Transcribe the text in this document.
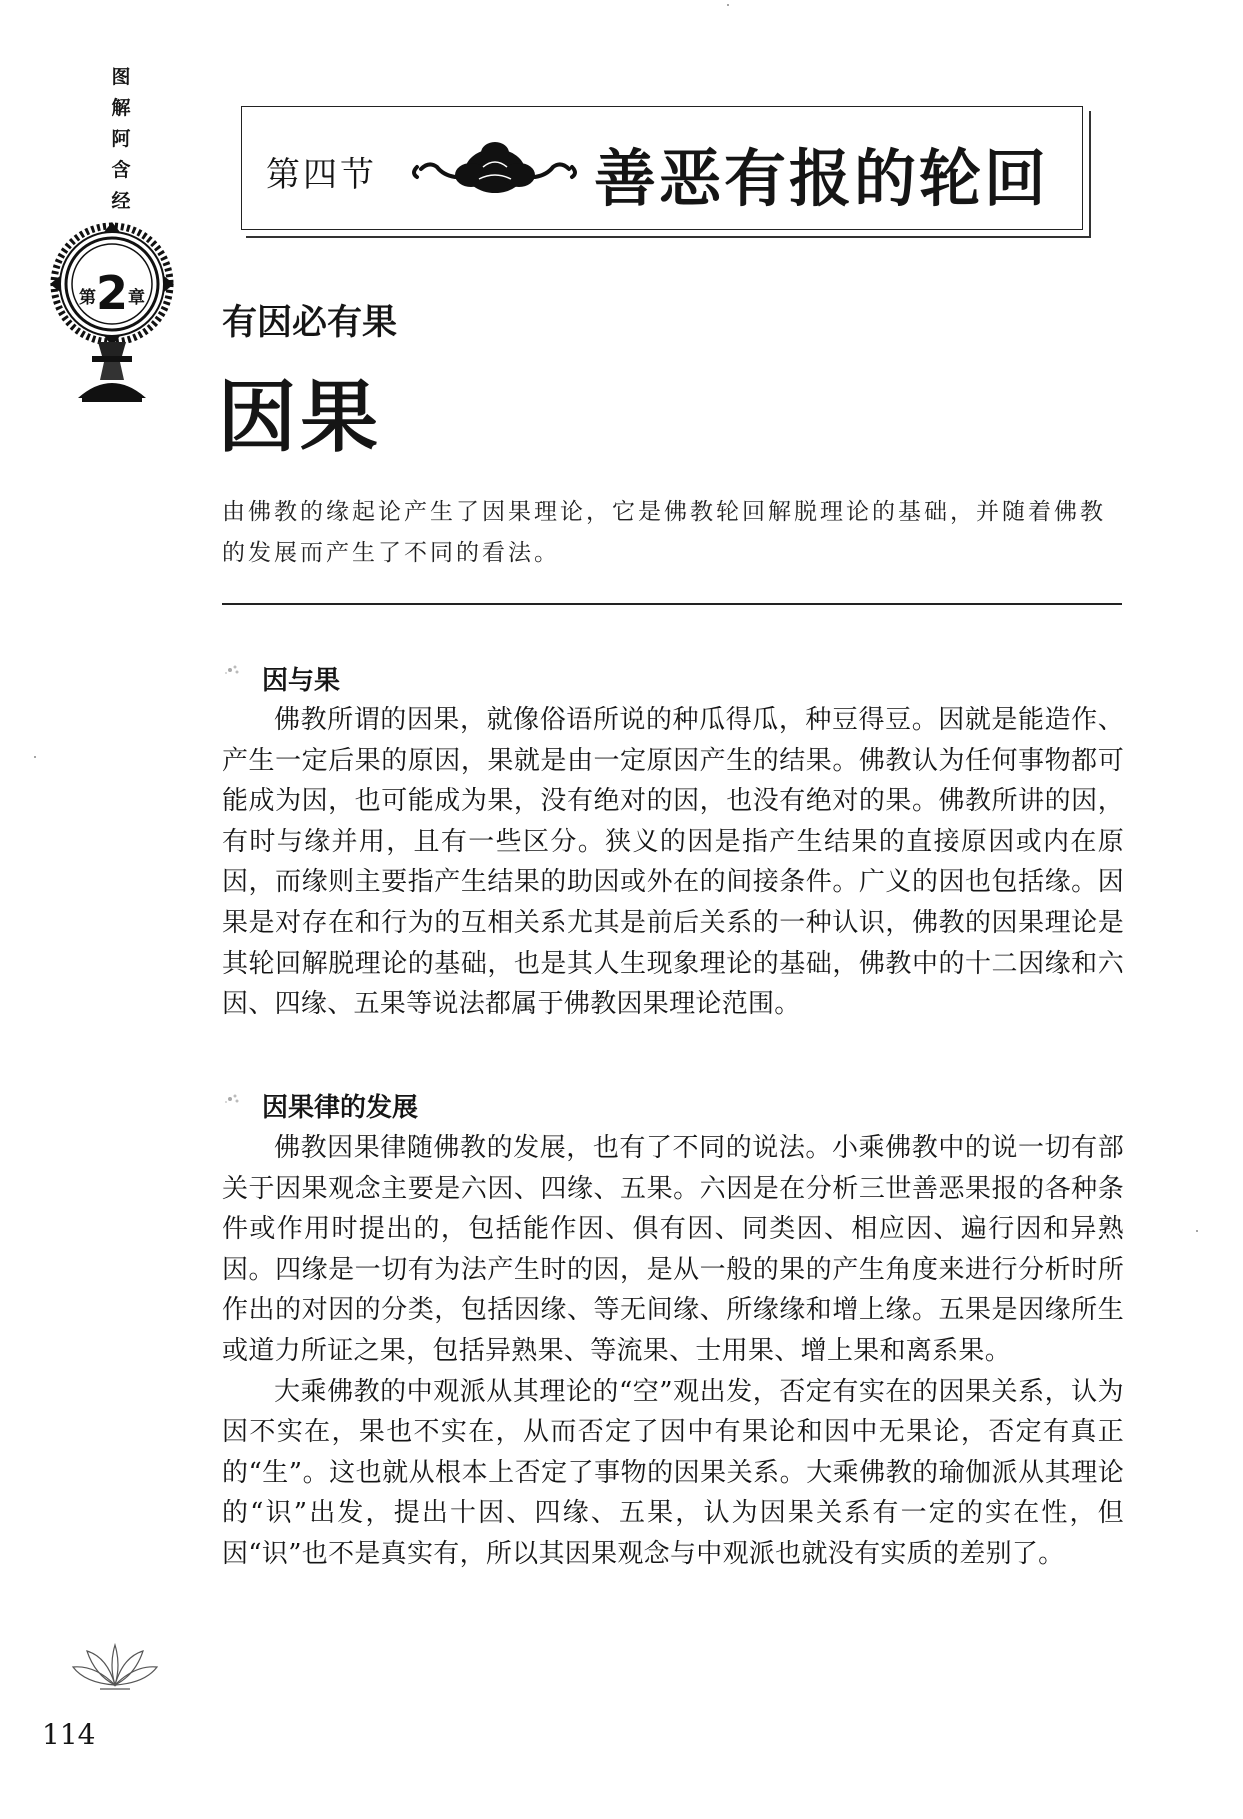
图
解
阿
含
经
第2章
第四节	善恶有报的轮回
有因必有果
因果
由佛教的缘起论产生了因果理论，它是佛教轮回解脱理论的基础，并随着佛教的发展而产生了不同的看法。
因与果

佛教所谓的因果，就像俗语所说的种瓜得瓜，种豆得豆。因就是能造作、产生一定后果的原因，果就是由一定原因产生的结果。佛教认为任何事物都可能成为因，也可能成为果，没有绝对的因，也没有绝对的果。佛教所讲的因，有时与缘并用，且有一些区分。狭义的因是指产生结果的直接原因或内在原因，而缘则主要指产生结果的助因或外在的间接条件。广义的因也包括缘。因果是对存在和行为的互相关系尤其是前后关系的一种认识，佛教的因果理论是其轮回解脱理论的基础，也是其人生现象理论的基础，佛教中的十二因缘和六因、四缘、五果等说法都属于佛教因果理论范围。

因果律的发展

佛教因果律随佛教的发展，也有了不同的说法。小乘佛教中的说一切有部关于因果观念主要是六因、四缘、五果。六因是在分析三世善恶果报的各种条件或作用时提出的，包括能作因、俱有因、同类因、相应因、遍行因和异熟因。四缘是一切有为法产生时的因，是从一般的果的产生角度来进行分析时所作出的对因的分类，包括因缘、等无间缘、所缘缘和增上缘。五果是因缘所生或道力所证之果，包括异熟果、等流果、士用果、增上果和离系果。

大乘佛教的中观派从其理论的“空”观出发，否定有实在的因果关系，认为因不实在，果也不实在，从而否定了因中有果论和因中无果论，否定有真正的“生”。这也就从根本上否定了事物的因果关系。大乘佛教的瑜伽派从其理论的“识”出发，提出十因、四缘、五果，认为因果关系有一定的实在性，但因“识”也不是真实有，所以其因果观念与中观派也就没有实质的差别了。

114
